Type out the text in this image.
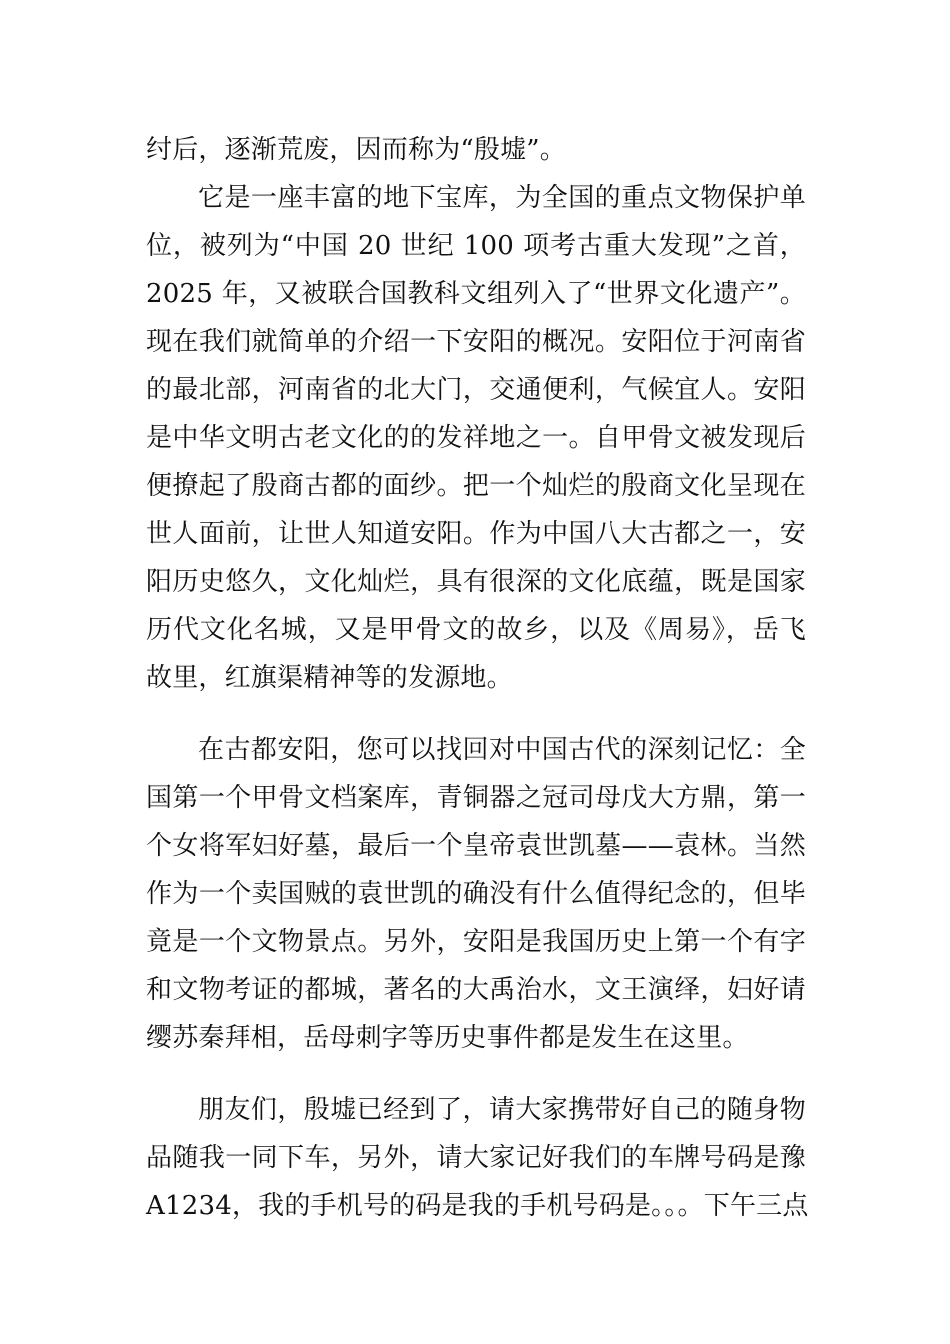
纣后，逐渐荒废，因而称为“殷墟”。
它是一座丰富的地下宝库，为全国的重点文物保护单
位，被列为“中国 20 世纪 100 项考古重大发现”之首，
2025 年，又被联合国教科文组列入了“世界文化遗产”。
现在我们就简单的介绍一下安阳的概况。安阳位于河南省
的最北部，河南省的北大门，交通便利，气候宜人。安阳
是中华文明古老文化的的发祥地之一。自甲骨文被发现后
便撩起了殷商古都的面纱。把一个灿烂的殷商文化呈现在
世人面前，让世人知道安阳。作为中国八大古都之一，安
阳历史悠久，文化灿烂，具有很深的文化底蕴，既是国家
历代文化名城，又是甲骨文的故乡，以及《周易》，岳飞
故里，红旗渠精神等的发源地。
在古都安阳，您可以找回对中国古代的深刻记忆：全
国第一个甲骨文档案库，青铜器之冠司母戊大方鼎，第一
个女将军妇好墓，最后一个皇帝袁世凯墓——袁林。当然
作为一个卖国贼的袁世凯的确没有什么值得纪念的，但毕
竟是一个文物景点。另外，安阳是我国历史上第一个有字
和文物考证的都城，著名的大禹治水，文王演绎，妇好请
缨苏秦拜相，岳母刺字等历史事件都是发生在这里。
朋友们，殷墟已经到了，请大家携带好自己的随身物
品随我一同下车，另外，请大家记好我们的车牌号码是豫
A1234，我的手机号的码是我的手机号码是。。。下午三点
